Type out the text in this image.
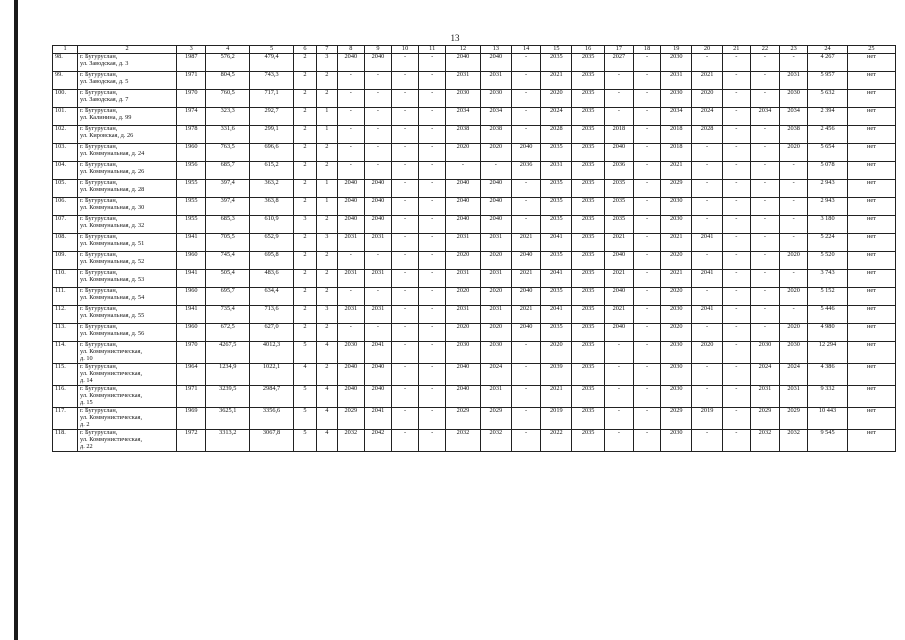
13
1	2	3	4	5	6	7	8	9	10	11	12	13	14	15	16	17	18	19	20	21	22	23	24	25
98.	г. Бугуруслан,
ул. Заводская, д. 3	1987	576,2	479,4	2	3	2040	2040	-	-	2040	2040	-	2035	2035	2027	-	2030	-	-	-	-	4 267	нет
99.	г. Бугуруслан,
ул. Заводская, д. 5	1971	804,5	743,3	2	2	-	-	-	-	2031	2031	-	2021	2035	-	-	2031	2021	-	-	2031	5 957	нет
100.	г. Бугуруслан,
ул. Заводская, д. 7	1970	760,5	717,1	2	2	-	-	-	-	2030	2030	-	2020	2035	-	-	2030	2020	-	-	2030	5 632	нет
101.	г. Бугуруслан,
ул. Калинина, д. 99	1974	323,3	292,7	2	1	-	-	-	-	2034	2034	-	2024	2035	-	-	2034	2024	-	2034	2034	2 394	нет
102.	г. Бугуруслан,
ул. Кировская, д. 26	1978	331,6	299,1	2	1	-	-	-	-	2038	2038	-	2028	2035	2018	-	2018	2028	-	-	2038	2 456	нет
103.	г. Бугуруслан,
ул. Коммунальная, д. 24	1960	763,5	696,6	2	2	-	-	-	-	2020	2020	2040	2035	2035	2040	-	2018	-	-	-	2020	5 654	нет
104.	г. Бугуруслан,
ул. Коммунальная, д. 26	1956	685,7	615,2	2	2	-	-	-	-	-	-	2036	2031	2035	2036	-	2021	-	-	-	-	5 078	нет
105.	г. Бугуруслан,
ул. Коммунальная, д. 28	1955	397,4	363,2	2	1	2040	2040	-	-	2040	2040	-	2035	2035	2035	-	2029	-	-	-	-	2 943	нет
106.	г. Бугуруслан,
ул. Коммунальная, д. 30	1955	397,4	363,8	2	1	2040	2040	-	-	2040	2040	-	2035	2035	2035	-	2030	-	-	-	-	2 943	нет
107.	г. Бугуруслан,
ул. Коммунальная, д. 32	1955	685,3	610,9	3	2	2040	2040	-	-	2040	2040	-	2035	2035	2035	-	2030	-	-	-	-	3 180	нет
108.	г. Бугуруслан,
ул. Коммунальная, д. 51	1941	705,5	652,9	2	3	2031	2031	-	-	2031	2031	2021	2041	2035	2021	-	2021	2041	-	-	-	5 224	нет
109.	г. Бугуруслан,
ул. Коммунальная, д. 52	1960	745,4	695,8	2	2	-	-	-	-	2020	2020	2040	2035	2035	2040	-	2020	-	-	-	2020	5 520	нет
110.	г. Бугуруслан,
ул. Коммунальная, д. 53	1941	505,4	483,6	2	2	2031	2031	-	-	2031	2031	2021	2041	2035	2021	-	2021	2041	-	-	-	3 743	нет
111.	г. Бугуруслан,
ул. Коммунальная, д. 54	1960	695,7	634,4	2	2	-	-	-	-	2020	2020	2040	2035	2035	2040	-	2020	-	-	-	2020	5 152	нет
112.	г. Бугуруслан,
ул. Коммунальная, д. 55	1941	735,4	713,6	2	3	2031	2031	-	-	2031	2031	2021	2041	2035	2021	-	2030	2041	-	-	-	5 446	нет
113.	г. Бугуруслан,
ул. Коммунальная, д. 56	1960	672,5	627,0	2	2	-	-	-	-	2020	2020	2040	2035	2035	2040	-	2020	-	-	-	2020	4 980	нет
114.	г. Бугуруслан,
ул. Коммунистическая,
д. 10	1970	4267,5	4012,3	5	4	2030	2041	-	-	2030	2030	-	2020	2035	-	-	2030	2020	-	2030	2030	12 294	нет
115.	г. Бугуруслан,
ул. Коммунистическая,
д. 14	1964	1234,9	1022,1	4	2	2040	2040	-	-	2040	2024	-	2039	2035	-	-	2030	-	-	2024	2024	4 386	нет
116.	г. Бугуруслан,
ул. Коммунистическая,
д. 15	1971	3239,5	2984,7	5	4	2040	2040	-	-	2040	2031	-	2021	2035	-	-	2030	-	-	2031	2031	9 332	нет
117.	г. Бугуруслан,
ул. Коммунистическая,
д. 2	1969	3625,1	3356,6	5	4	2029	2041	-	-	2029	2029	-	2019	2035	-	-	2029	2019	-	2029	2029	10 443	нет
118.	г. Бугуруслан,
ул. Коммунистическая,
д. 22	1972	3313,2	3067,8	5	4	2032	2042	-	-	2032	2032	-	2022	2035	-	-	2030	-	-	2032	2032	9 545	нет
